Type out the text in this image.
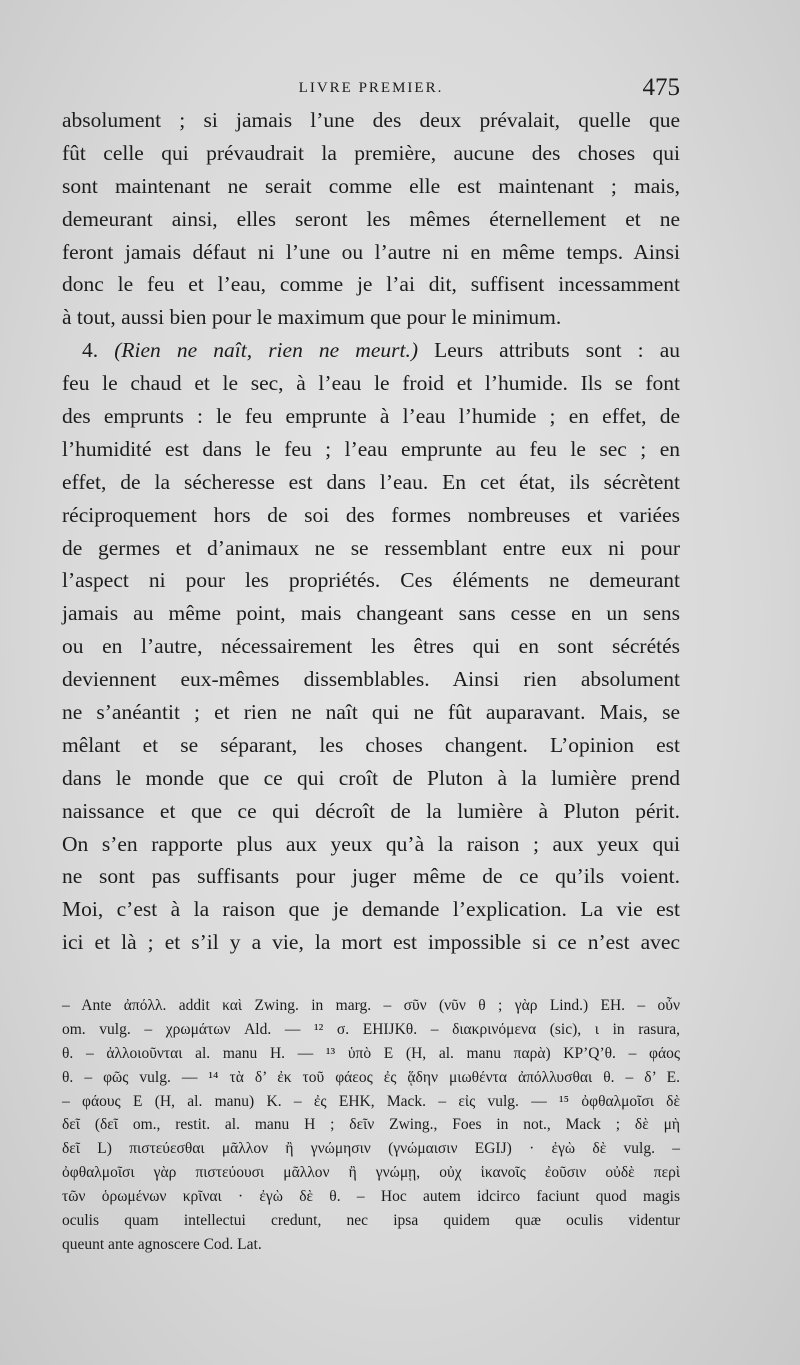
LIVRE PREMIER.	475
absolument ; si jamais l’une des deux prévalait, quelle que
fût celle qui prévaudrait la première, aucune des choses qui
sont maintenant ne serait comme elle est maintenant ; mais,
demeurant ainsi, elles seront les mêmes éternellement et ne
feront jamais défaut ni l’une ou l’autre ni en même temps. Ainsi
donc le feu et l’eau, comme je l’ai dit, suffisent incessamment
à tout, aussi bien pour le maximum que pour le minimum.
4. (Rien ne naît, rien ne meurt.) Leurs attributs sont : au
feu le chaud et le sec, à l’eau le froid et l’humide. Ils se font
des emprunts : le feu emprunte à l’eau l’humide ; en effet, de
l’humidité est dans le feu ; l’eau emprunte au feu le sec ; en
effet, de la sécheresse est dans l’eau. En cet état, ils sécrètent
réciproquement hors de soi des formes nombreuses et variées
de germes et d’animaux ne se ressemblant entre eux ni pour
l’aspect ni pour les propriétés. Ces éléments ne demeurant
jamais au même point, mais changeant sans cesse en un sens
ou en l’autre, nécessairement les êtres qui en sont sécrétés
deviennent eux-mêmes dissemblables. Ainsi rien absolument
ne s’anéantit ; et rien ne naît qui ne fût auparavant. Mais, se
mêlant et se séparant, les choses changent. L’opinion est
dans le monde que ce qui croît de Pluton à la lumière prend
naissance et que ce qui décroît de la lumière à Pluton périt.
On s’en rapporte plus aux yeux qu’à la raison ; aux yeux qui
ne sont pas suffisants pour juger même de ce qu’ils voient.
Moi, c’est à la raison que je demande l’explication. La vie est
ici et là ; et s’il y a vie, la mort est impossible si ce n’est avec
– Ante ἀπόλλ. addit καὶ Zwing. in marg. – σῦν (νῦν θ ; γὰρ Lind.) EH. – οὖν
om. vulg. – χρωμάτων Ald. — ¹² σ. EHIJKθ. – διακρινόμενα (sic), ι in rasura,
θ. – ἀλλοιοῦνται al. manu H. — ¹³ ὑπὸ E (H, al. manu παρὰ) KP’Q’θ. – φάος
θ. – φῶς vulg. — ¹⁴ τὰ δ’ ἐκ τοῦ φάεος ἐς ᾅδην μιωθέντα ἀπόλλυσθαι θ. – δ’ E.
– φάους E (H, al. manu) K. – ἐς EHK, Mack. – εἰς vulg. — ¹⁵ ὀφθαλμοῖσι δὲ
δεῖ (δεῖ om., restit. al. manu H ; δεῖν Zwing., Foes in not., Mack ; δὲ μὴ
δεῖ L) πιστεύεσθαι μᾶλλον ἢ γνώμησιν (γνώμαισιν EGIJ) · ἐγὼ δὲ vulg. –
ὀφθαλμοῖσι γὰρ πιστεύουσι μᾶλλον ἢ γνώμῃ, οὐχ ἱκανοῖς ἐοῦσιν οὐδὲ περὶ
τῶν ὁρωμένων κρῖναι · ἐγὼ δὲ θ. – Hoc autem idcirco faciunt quod magis
oculis quam intellectui credunt, nec ipsa quidem quæ oculis videntur
queunt ante agnoscere Cod. Lat.
